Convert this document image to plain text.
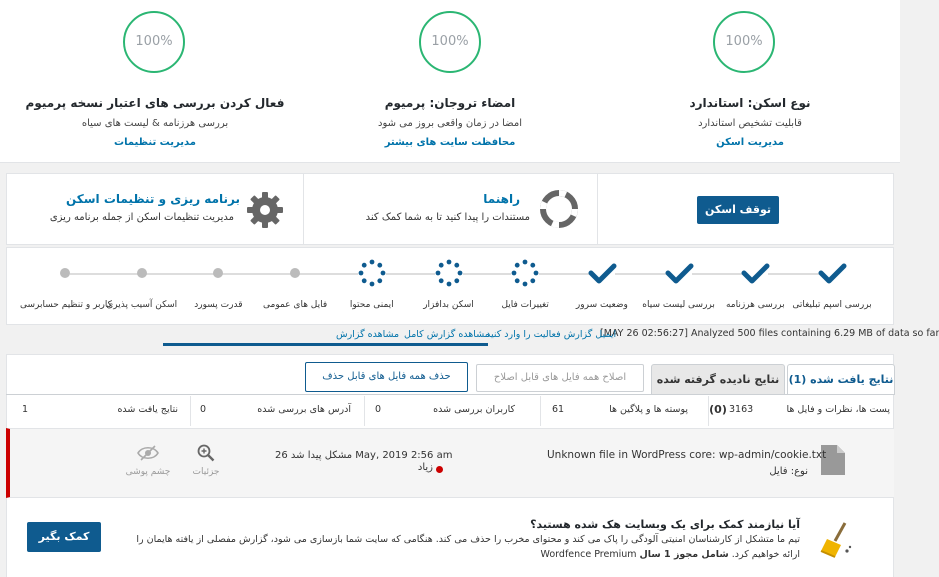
100%
نوع اسکن: استاندارد
قابلیت تشخیص استاندارد
مدیریت اسکن
100%
امضاء تروجان: پرمیوم
امضا در زمان واقعی بروز می شود
محافظت سایت های بیشتر
100%
فعال کردن بررسی های اعتبار نسخه پرمیوم
بررسی هرزنامه & لیست های سیاه
مدیریت تنظیمات
توقف اسکن
راهنما
مستندات را پیدا کنید تا به شما کمک کند
برنامه ریزی و تنظیمات اسکن
مدیریت تنظیمات اسکن از جمله برنامه ریزی
بررسی اسپم تبلیغاتی
بررسی هرزنامه
بررسی لیست سیاه
وضعیت سرور
تغییرات فایل
اسکن بدافزار
ایمنی محتوا
فایل های عمومی
قدرت پسورد
اسکن آسیب پذیری
کاربر و تنظیم حسابرسی
[MAY 26 02:56:27] Analyzed 500 files containing 6.29 MB of data so far
ایمیل گزارش فعالیت را وارد کنید
مشاهده گزارش کامل
مشاهده گزارش
نتایج یافت شده (1)
نتایج نادیده گرفته شده (0)
اصلاح همه فایل های قابل اصلاح
حذف همه فایل های قابل حذف
پست ها، نظرات و فایل ها
3163
پوسته ها و پلاگین ها
61
کاربران بررسی شده
0
آدرس های بررسی شده
0
نتایج یافت شده
1
Unknown file in WordPress core: wp-admin/cookie.txt
نوع: فایل
مشکل پیدا شد 26 May, 2019 2:56 am
زیاد
جزئیات
چشم پوشی
آیا نیازمند کمک برای یک وبسایت هک شده هستید؟
تیم ما متشکل از کارشناسان امنیتی آلودگی را پاک می کند و محتوای مخرب را حذف می کند. هنگامی که سایت شما بازسازی می شود، گزارش مفصلی از یافته هایمان را
Wordfence Premium ارائه خواهیم کرد. شامل مجوز 1 سال
کمک بگیر
